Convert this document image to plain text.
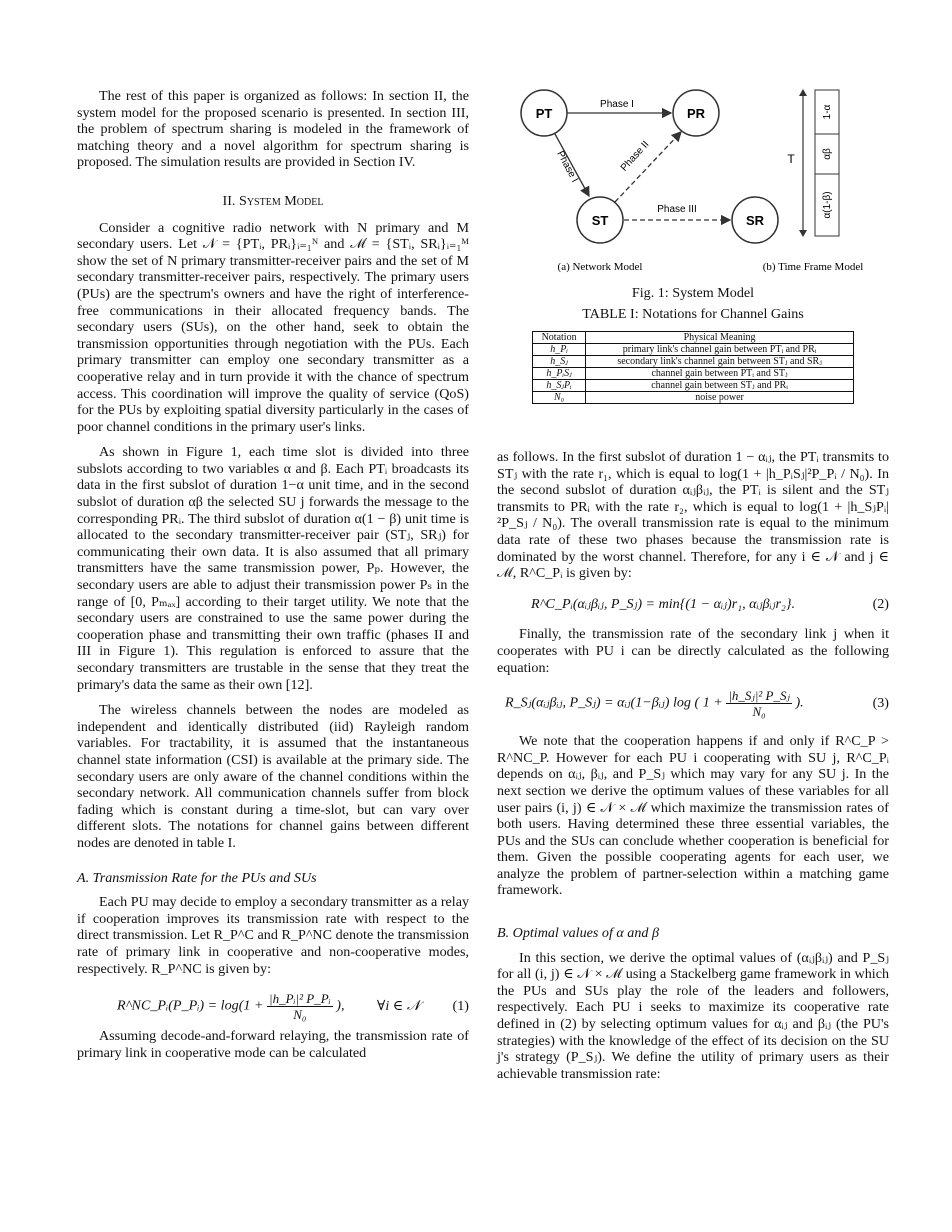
The rest of this paper is organized as follows: In section II, the system model for the proposed scenario is presented. In section III, the problem of spectrum sharing is modeled in the framework of matching theory and a novel algorithm for spectrum sharing is proposed. The simulation results are provided in Section IV.

II. System Model

Consider a cognitive radio network with N primary and M secondary users. Let 𝒩 = {PTᵢ, PRᵢ}ᵢ₌₁ᴺ and ℳ = {STᵢ, SRᵢ}ᵢ₌₁ᴹ show the set of N primary transmitter-receiver pairs and the set of M secondary transmitter-receiver pairs, respectively. The primary users (PUs) are the spectrum's owners and have the right of interference-free communications in their allocated frequency bands. The secondary users (SUs), on the other hand, seek to obtain the transmission opportunities through negotiation with the PUs. Each primary transmitter can employ one secondary transmitter as a cooperative relay and in turn provide it with the chance of spectrum access. This coordination will improve the quality of service (QoS) for the PUs by exploiting spatial diversity particularly in the cases of poor channel conditions in the primary user's links.

As shown in Figure 1, each time slot is divided into three subslots according to two variables α and β. Each PTᵢ broadcasts its data in the first subslot of duration 1−α unit time, and in the second subslot of duration αβ the selected SU j forwards the message to the corresponding PRᵢ. The third subslot of duration α(1 − β) unit time is allocated to the secondary transmitter-receiver pair (STⱼ, SRⱼ) for communicating their own data. It is also assumed that all primary transmitters have the same transmission power, Pₚ. However, the secondary users are able to adjust their transmission power Pₛ in the range of [0, Pₘₐₓ] according to their target utility. We note that the secondary users are constrained to use the same power during the cooperation phase and transmitting their own traffic (phases II and III in Figure 1). This regulation is enforced to assure that the secondary transmitters are trustable in the sense that they treat the primary's data the same as their own [12].

The wireless channels between the nodes are modeled as independent and identically distributed (iid) Rayleigh random variables. For tractability, it is assumed that the instantaneous channel state information (CSI) is available at the primary side. The secondary users are only aware of the channel conditions within the secondary network. All communication channels suffer from block fading which is constant during a time-slot, but can vary over different slots. The notations for channel gains between different nodes are denoted in table I.

A. Transmission Rate for the PUs and SUs

Each PU may decide to employ a secondary transmitter as a relay if cooperation improves its transmission rate with respect to the direct transmission. Let R_P^C and R_P^NC denote the transmission rate of primary link in cooperative and non-cooperative modes, respectively. R_P^NC is given by:

R^NC_Pᵢ(P_Pᵢ) = $\log(1 + \frac{\text{|h\_Pᵢ|² P\_Pᵢ}}{\text{N₀}}$ ), ∀i ∈ 𝒩 (1)

Assuming decode-and-forward relaying, the transmission rate of primary link in cooperative mode can be calculated

PT	PR
ST	SR
Phase I
Phase I	Phase II
Phase III
T
1-α
αβ
α(1-β)
(a) Network Model	(b) Time Frame Model
Fig. 1: System Model
TABLE I: Notations for Channel Gains
Notation	Physical Meaning
h_Pᵢ	primary link's channel gain between PTᵢ and PRᵢ
h_Sⱼ	secondary link's channel gain between STⱼ and SRⱼ
h_PᵢSⱼ	channel gain between PTᵢ and STⱼ
h_SⱼPᵢ	channel gain between STⱼ and PRᵢ
N₀	noise power

as follows. In the first subslot of duration 1 − αᵢⱼ, the PTᵢ transmits to STⱼ with the rate r₁, which is equal to log(1 + |h_PᵢSⱼ|²P_Pᵢ / N₀). In the second subslot of duration αᵢⱼβᵢⱼ, the PTᵢ is silent and the STⱼ transmits to PRᵢ with the rate r₂, which is equal to log(1 + |h_SⱼPᵢ|²P_Sⱼ / N₀). The overall transmission rate is equal to the minimum data rate of these two phases because the transmission rate is dominated by the worst channel. Therefore, for any i ∈ 𝒩 and j ∈ ℳ, R^C_Pᵢ is given by:

R^C_Pᵢ(αᵢⱼβᵢⱼ, P_Sⱼ) = min{(1 − αᵢⱼ)r₁, αᵢⱼβᵢⱼr₂}.	(2)

Finally, the transmission rate of the secondary link j when it cooperates with PU i can be directly calculated as the following equation:

R_Sⱼ(αᵢⱼβᵢⱼ, P_Sⱼ) = αᵢⱼ(1−βᵢⱼ) log ( $1 + \frac{\text{|h\_Sⱼ|² P\_Sⱼ}}{\text{N₀}}$ ).	(3)

We note that the cooperation happens if and only if R^C_P > R^NC_P. However for each PU i cooperating with SU j, R^C_Pᵢ depends on αᵢⱼ, βᵢⱼ, and P_Sⱼ which may vary for any SU j. In the next section we derive the optimum values of these variables for all user pairs (i, j) ∈ 𝒩 × ℳ which maximize the transmission rates of both users. Having determined these three essential variables, the PUs and the SUs can conclude whether cooperation is beneficial for them. Given the possible cooperating agents for each user, we analyze the problem of partner-selection within a matching game framework.

B. Optimal values of α and β

In this section, we derive the optimal values of (αᵢⱼβᵢⱼ) and P_Sⱼ for all (i, j) ∈ 𝒩 × ℳ using a Stackelberg game framework in which the PUs and SUs play the role of the leaders and followers, respectively. Each PU i seeks to maximize its cooperative rate defined in (2) by selecting optimum values for αᵢⱼ and βᵢⱼ (the PU's strategies) with the knowledge of the effect of its decision on the SU j's strategy (P_Sⱼ). We define the utility of primary users as their achievable transmission rate:
